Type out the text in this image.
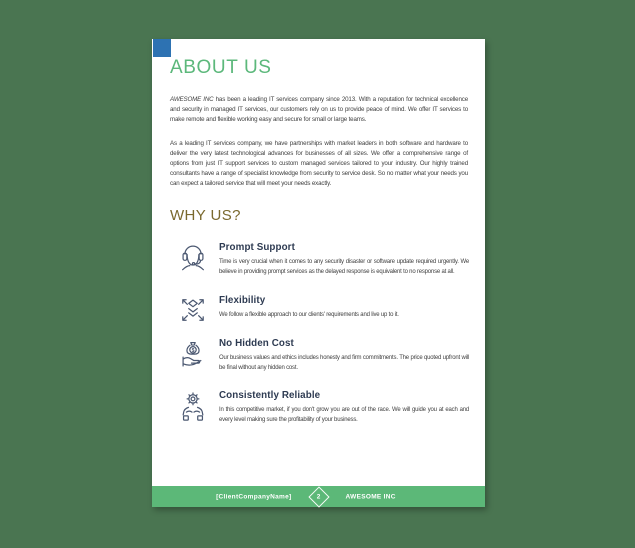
ABOUT US

AWESOME INC has been a leading IT services company since 2013. With a reputation for technical excellence and security in managed IT services, our customers rely on us to provide peace of mind. We offer IT services to make remote and flexible working easy and secure for small or large teams.

As a leading IT services company, we have partnerships with market leaders in both software and hardware to deliver the very latest technological advances for businesses of all sizes. We offer a comprehensive range of options from just IT support services to custom managed services tailored to your industry. Our highly trained consultants have a range of specialist knowledge from security to service desk. So no matter what your needs you can expect a tailored service that will meet your needs exactly.

WHY US?
Prompt Support

Time is very crucial when it comes to any security disaster or software update required urgently. We believe in providing prompt services as the delayed response is equivalent to no response at all.

Flexibility

We follow a flexible approach to our clients' requirements and live up to it.

$
No Hidden Cost

Our business values and ethics includes honesty and firm commitments. The price quoted upfront will be final without any hidden cost.

Consistently Reliable

In this competitive market, if you don't grow you are out of the race. We will guide you at each and every level making sure the profitability of your business.

[ClientCompanyName]	2	AWESOME INC
